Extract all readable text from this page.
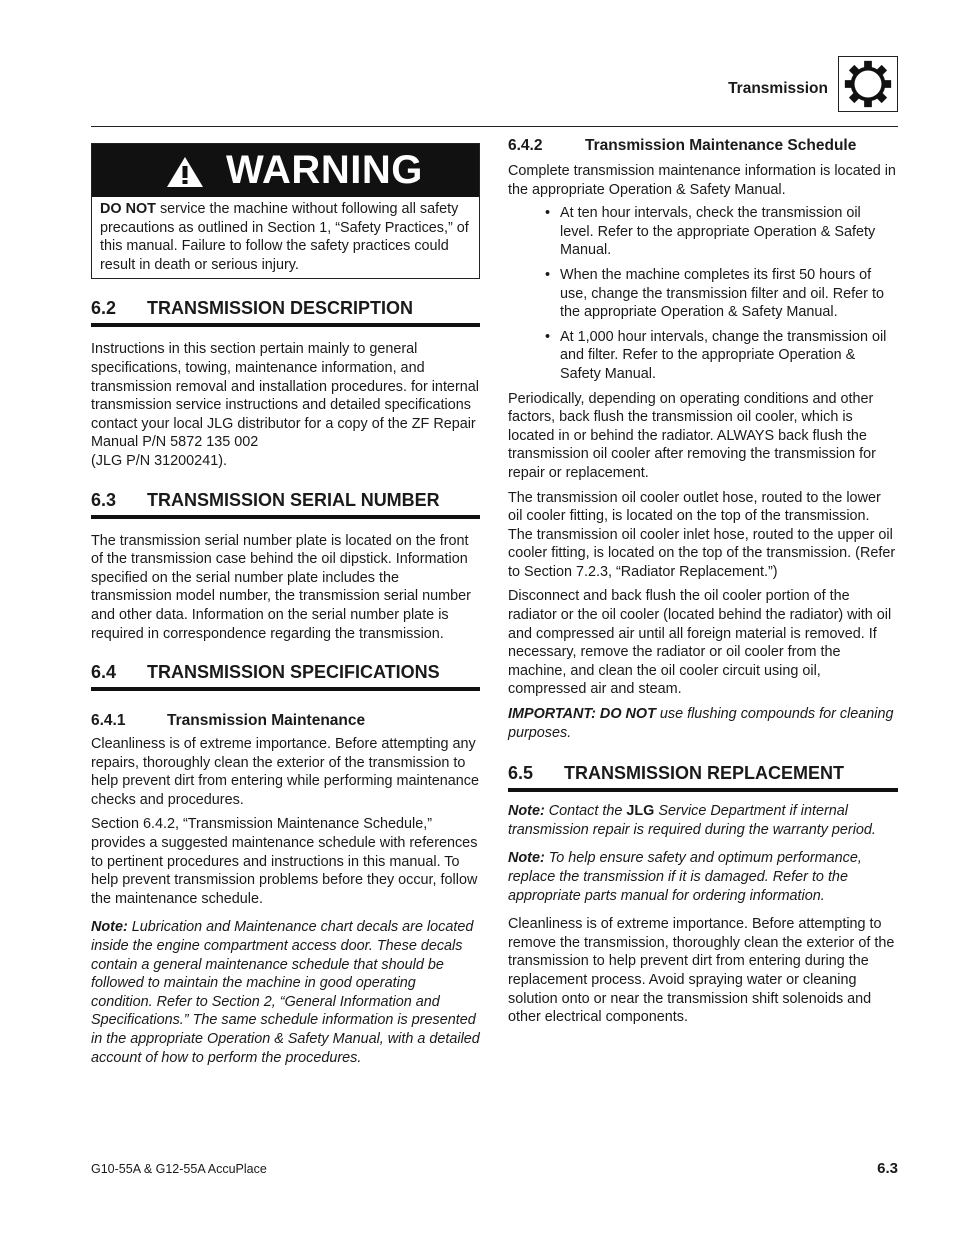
Transmission
WARNING
DO NOT service the machine without following all safety precautions as outlined in Section 1, “Safety Practices,” of this manual. Failure to follow the safety practices could result in death or serious injury.
6.2	TRANSMISSION DESCRIPTION

Instructions in this section pertain mainly to general specifications, towing, maintenance information, and transmission removal and installation procedures. for internal transmission service instructions and detailed specifications contact your local JLG distributor for a copy of the ZF Repair Manual P/N 5872 135 002
(JLG P/N 31200241).

6.3	TRANSMISSION SERIAL NUMBER

The transmission serial number plate is located on the front of the transmission case behind the oil dipstick. Information specified on the serial number plate includes the transmission model number, the transmission serial number and other data. Information on the serial number plate is required in correspondence regarding the transmission.

6.4	TRANSMISSION SPECIFICATIONS
6.4.1	Transmission Maintenance

Cleanliness is of extreme importance. Before attempting any repairs, thoroughly clean the exterior of the transmission to help prevent dirt from entering while performing maintenance checks and procedures.

Section 6.4.2, “Transmission Maintenance Schedule,” provides a suggested maintenance schedule with references to pertinent procedures and instructions in this manual. To help prevent transmission problems before they occur, follow the maintenance schedule.

Note: Lubrication and Maintenance chart decals are located inside the engine compartment access door. These decals contain a general maintenance schedule that should be followed to maintain the machine in good operating condition. Refer to Section 2, “General Information and Specifications.” The same schedule information is presented in the appropriate Operation & Safety Manual, with a detailed account of how to perform the procedures.

6.4.2	Transmission Maintenance Schedule

Complete transmission maintenance information is located in the appropriate Operation & Safety Manual.

• At ten hour intervals, check the transmission oil level. Refer to the appropriate Operation & Safety Manual.
• When the machine completes its first 50 hours of use, change the transmission filter and oil. Refer to the appropriate Operation & Safety Manual.
• At 1,000 hour intervals, change the transmission oil and filter. Refer to the appropriate Operation & Safety Manual.

Periodically, depending on operating conditions and other factors, back flush the transmission oil cooler, which is located in or behind the radiator. ALWAYS back flush the transmission oil cooler after removing the transmission for repair or replacement.

The transmission oil cooler outlet hose, routed to the lower oil cooler fitting, is located on the top of the transmission. The transmission oil cooler inlet hose, routed to the upper oil cooler fitting, is located on the top of the transmission. (Refer to Section 7.2.3, “Radiator Replacement.”)

Disconnect and back flush the oil cooler portion of the radiator or the oil cooler (located behind the radiator) with oil and compressed air until all foreign material is removed. If necessary, remove the radiator or oil cooler from the machine, and clean the oil cooler circuit using oil, compressed air and steam.

IMPORTANT: DO NOT use flushing compounds for cleaning purposes.

6.5	TRANSMISSION REPLACEMENT

Note: Contact the JLG Service Department if internal transmission repair is required during the warranty period.

Note: To help ensure safety and optimum performance, replace the transmission if it is damaged. Refer to the appropriate parts manual for ordering information.

Cleanliness is of extreme importance. Before attempting to remove the transmission, thoroughly clean the exterior of the transmission to help prevent dirt from entering during the replacement process. Avoid spraying water or cleaning solution onto or near the transmission shift solenoids and other electrical components.

G10-55A & G12-55A AccuPlace	6.3
